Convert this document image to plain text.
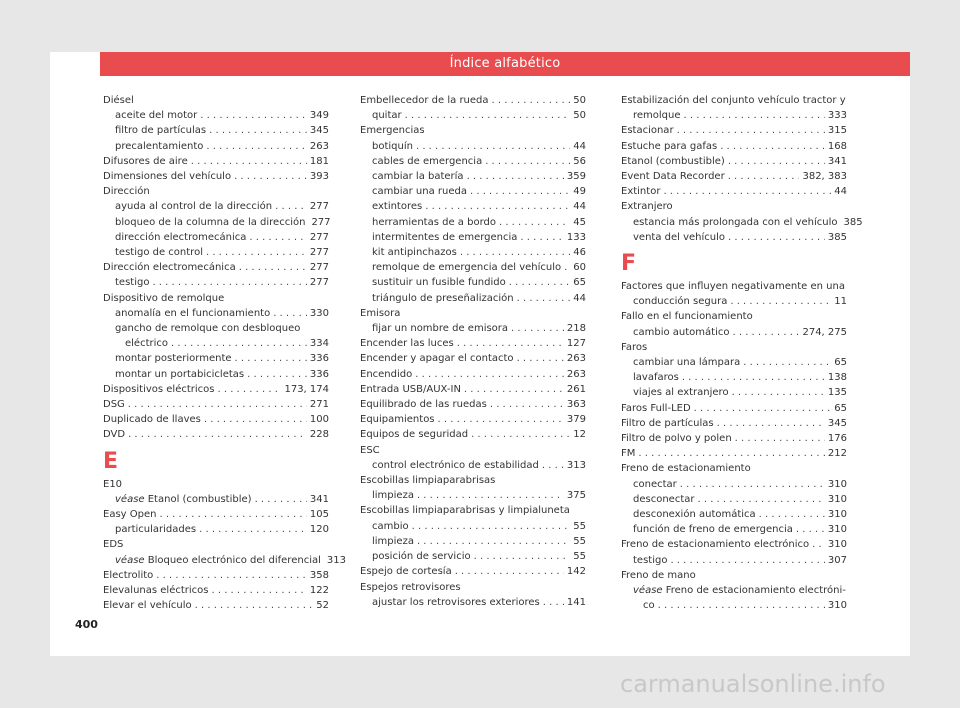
Índice alfabético
Diésel
aceite del motor . . .	349
filtro de partículas . . .	345
precalentamiento . . .	263
Difusores de aire . . .	181
Dimensiones del vehículo . . .	393
Dirección
ayuda al control de la dirección . . .	277
bloqueo de la columna de la dirección 277
dirección electromecánica . . .	277
testigo de control . . .	277
Dirección electromecánica . . .	277
testigo . . .	277
Dispositivo de remolque
anomalía en el funcionamiento . . .	330
gancho de remolque con desbloqueo
eléctrico . . .	334
montar posteriormente . . .	336
montar un portabicicletas . . .	336
Dispositivos eléctricos . . .	173, 174
DSG . . .	271
Duplicado de llaves . . .	100
DVD . . .	228
E
E10
véase Etanol (combustible) . . .	341
Easy Open . . .	105
particularidades . . .	120
EDS
véase Bloqueo electrónico del diferencial 313
Electrolito . . .	358
Elevalunas eléctricos . . .	122
Elevar el vehículo . . .	52
Embellecedor de la rueda . . .	50
quitar . . .	50
Emergencias
botiquín . . .	44
cables de emergencia . . .	56
cambiar la batería . . .	359
cambiar una rueda . . .	49
extintores . . .	44
herramientas de a bordo . . .	45
intermitentes de emergencia . . .	133
kit antipinchazos . . .	46
remolque de emergencia del vehículo . . . 60
sustituir un fusible fundido . . .	65
triángulo de preseñalización . . .	44
Emisora
fijar un nombre de emisora . . .	218
Encender las luces . . .	127
Encender y apagar el contacto . . .	263
Encendido . . .	263
Entrada USB/AUX-IN . . .	261
Equilibrado de las ruedas . . .	363
Equipamientos . . .	379
Equipos de seguridad . . .	12
ESC
control electrónico de estabilidad . . .	313
Escobillas limpiaparabrisas
limpieza . . .	375
Escobillas limpiaparabrisas y limpialuneta
cambio . . .	55
limpieza . . .	55
posición de servicio . . .	55
Espejo de cortesía . . .	142
Espejos retrovisores
ajustar los retrovisores exteriores . . .	141
Estabilización del conjunto vehículo tractor y
remolque . . .	333
Estacionar . . .	315
Estuche para gafas . . .	168
Etanol (combustible) . . .	341
Event Data Recorder . . .	382, 383
Extintor . . .	44
Extranjero
estancia más prolongada con el vehículo 385
venta del vehículo . . .	385
F
Factores que influyen negativamente en una
conducción segura . . .	11
Fallo en el funcionamiento
cambio automático . . .	274, 275
Faros
cambiar una lámpara . . .	65
lavafaros . . .	138
viajes al extranjero . . .	135
Faros Full-LED . . .	65
Filtro de partículas . . .	345
Filtro de polvo y polen . . .	176
FM . . .	212
Freno de estacionamiento
conectar . . .	310
desconectar . . .	310
desconexión automática . . .	310
función de freno de emergencia . . .	310
Freno de estacionamiento electrónico . . . 310
testigo . . .	307
Freno de mano
véase Freno de estacionamiento electróni-
co . . .	310
400
carmanualsonline.info
